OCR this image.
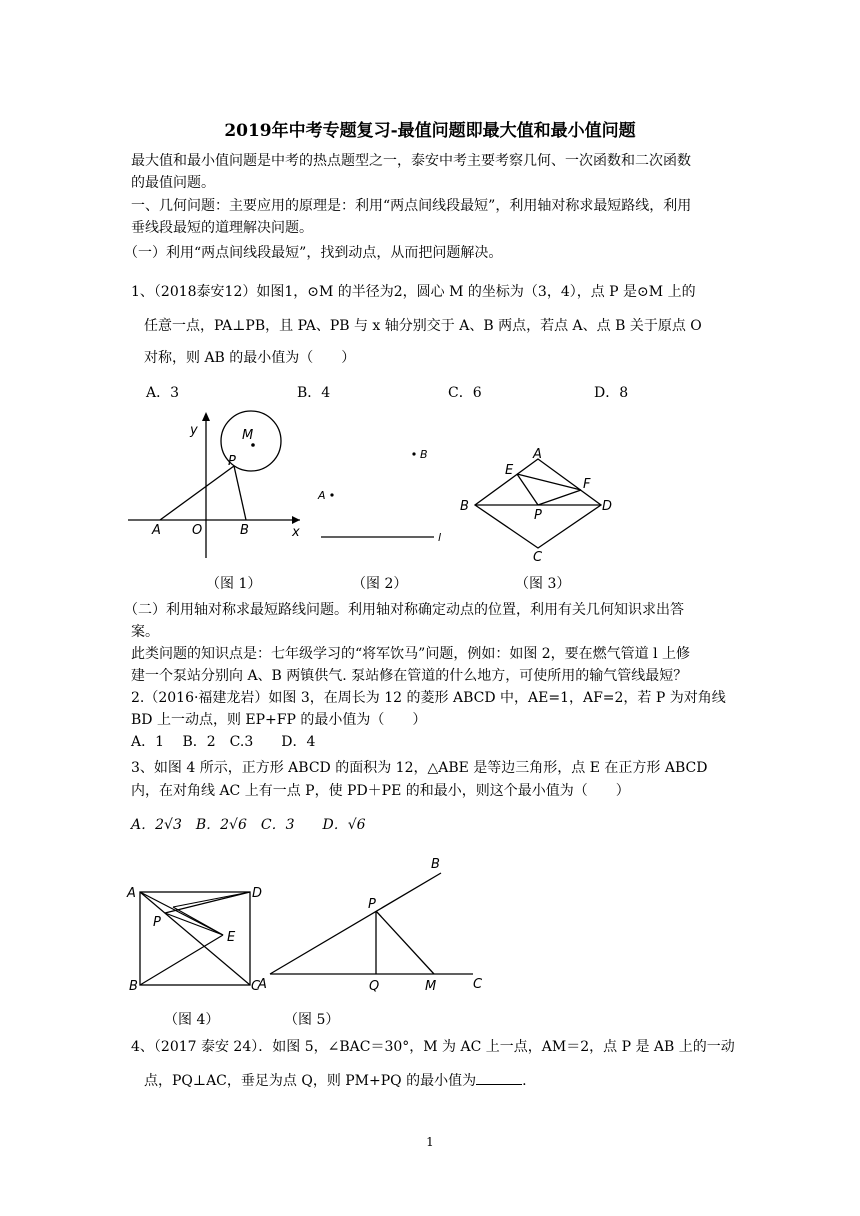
2019年中考专题复习-最值问题即最大值和最小值问题
最大值和最小值问题是中考的热点题型之一，泰安中考主要考察几何、一次函数和二次函数
的最值问题。
一、几何问题：主要应用的原理是：利用“两点间线段最短”，利用轴对称求最短路线，利用
垂线段最短的道理解决问题。
（一）利用“两点间线段最短”，找到动点，从而把问题解决。
1、（2018泰安12）如图1，⊙M 的半径为2，圆心 M 的坐标为（3，4），点 P 是⊙M 上的
任意一点，PA⊥PB，且 PA、PB 与 x 轴分别交于 A、B 两点，若点 A、点 B 关于原点 O
对称，则 AB 的最小值为（　　）
A．3	B．4	C．6	D．8
y
x
M
P
A O	B
B
A
l
A
B
C
D
E
F
P
（图 1）	（图 2）	（图 3）
（二）利用轴对称求最短路线问题。利用轴对称确定动点的位置，利用有关几何知识求出答
案。
此类问题的知识点是：七年级学习的“将军饮马”问题，例如：如图 2，要在燃气管道 l 上修
建一个泵站分别向 A、B 两镇供气. 泵站修在管道的什么地方，可使所用的输气管线最短？
2.（2016·福建龙岩）如图 3，在周长为 12 的菱形 ABCD 中，AE=1，AF=2，若 P 为对角线
BD 上一动点，则 EP+FP 的最小值为（　　）
A．1　 B．2　C.3　　D．4
3、如图 4 所示，正方形 ABCD 的面积为 12，△ABE 是等边三角形，点 E 在正方形 ABCD
内，在对角线 AC 上有一点 P，使 PD＋PE 的和最小，则这个最小值为（　　）
A．2√3　B．2√6　C．3　　D．√6
A	D
B	C
P
E
B
P
A	Q	M	C
（图 4）	（图 5）
4、（2017 泰安 24）．如图 5，∠BAC＝30°，M 为 AC 上一点，AM＝2，点 P 是 AB 上的一动
点，PQ⊥AC，垂足为点 Q，则 PM+PQ 的最小值为	.
1
